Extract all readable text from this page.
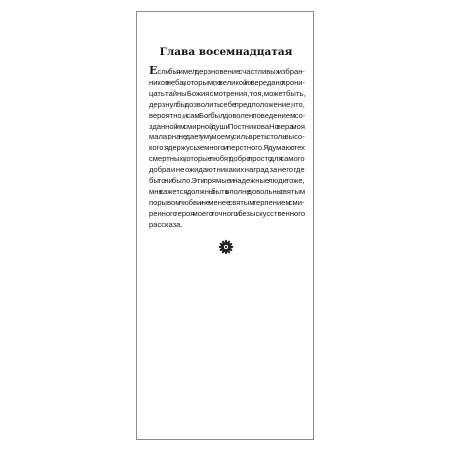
Глава восемнадцатая
Если бы я имел дерзновение счастливых избран-
ников неба, которым, по великой их вере, дано прони-
цать тайны Божия смотрения, то я, может быть,
дерзнул бы дозволить себе предположение, что,
вероятно, и сам Бог был доволен поведением со-
зданной им смирной души Постникова. Но вера моя
мала; она не дает уму моему силы зреть столь высо-
кого: я держусь земного и перстного. Я думаю о тех
смертных, которые любят добро просто для самого
добра и не ожидают никаких наград за него где
бы то ни было. Эти прямые и надежные люди тоже,
мне кажется, должны быть вполне довольны святым
порывом любви и не менее святым терпением сми-
ренного героя моего точного и безыскусственного
рассказа.
